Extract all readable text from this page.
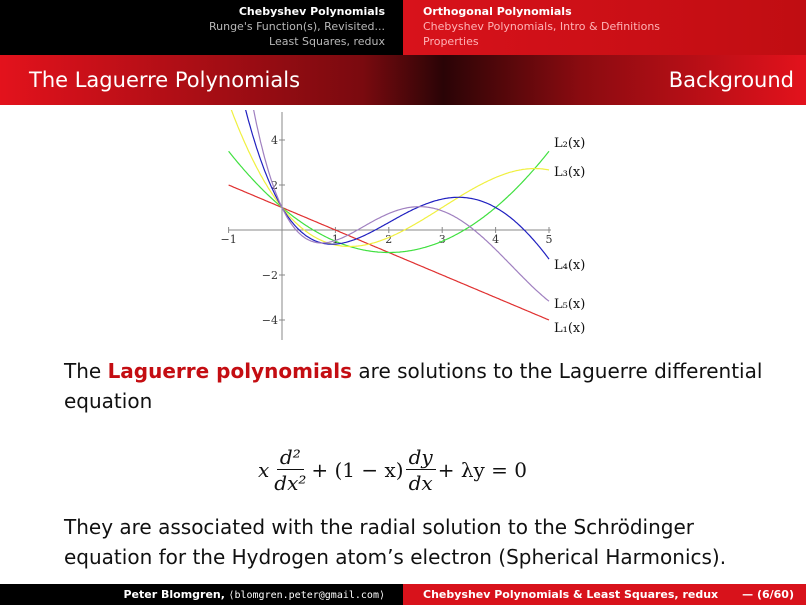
Chebyshev Polynomials
Runge's Function(s), Revisited...
Least Squares, redux
Orthogonal Polynomials
Chebyshev Polynomials, Intro & Definitions
Properties
The Laguerre Polynomials	Background
−1	1	2	3	4	5
4
2
−2
−4
L₂(x)
L₃(x)
L₄(x)
L₅(x)
L₁(x)
The Laguerre polynomials are solutions to the Laguerre differential equation
x $\frac{\text{d²}}{\text{dx²}} + (1 - x) \frac{dy}{dx} + \lambda y = 0$
They are associated with the radial solution to the Schrödinger equation for the Hydrogen atom’s electron (Spherical Harmonics).
Peter Blomgren, ⟨blomgren.peter@gmail.com⟩	Chebyshev Polynomials & Least Squares, redux — (6/60)
